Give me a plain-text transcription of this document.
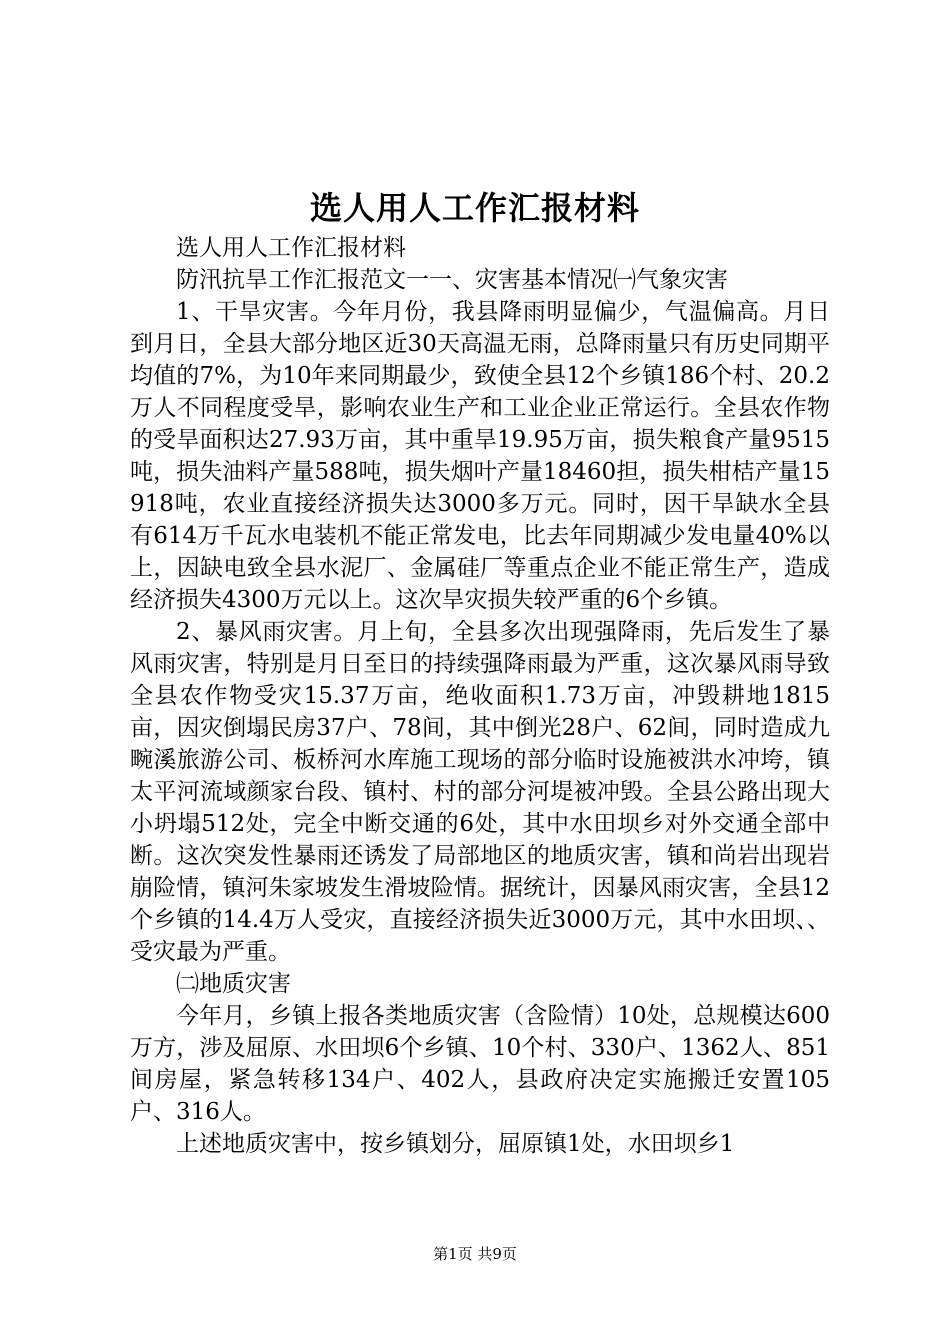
选人用人工作汇报材料

选人用人工作汇报材料

防汛抗旱工作汇报范文一一、灾害基本情况㈠气象灾害

1、干旱灾害。今年月份，我县降雨明显偏少，气温偏高。月日到月日，全县大部分地区近30天高温无雨，总降雨量只有历史同期平均值的7%，为10年来同期最少，致使全县12个乡镇186个村、20.2万人不同程度受旱，影响农业生产和工业企业正常运行。全县农作物的受旱面积达27.93万亩，其中重旱19.95万亩，损失粮食产量9515吨，损失油料产量588吨，损失烟叶产量18460担，损失柑桔产量15918吨，农业直接经济损失达3000多万元。同时，因干旱缺水全县有614万千瓦水电装机不能正常发电，比去年同期减少发电量40%以上，因缺电致全县水泥厂、金属硅厂等重点企业不能正常生产，造成经济损失4300万元以上。这次旱灾损失较严重的6个乡镇。

2、暴风雨灾害。月上旬，全县多次出现强降雨，先后发生了暴风雨灾害，特别是月日至日的持续强降雨最为严重，这次暴风雨导致全县农作物受灾15.37万亩，绝收面积1.73万亩，冲毁耕地1815亩，因灾倒塌民房37户、78间，其中倒光28户、62间，同时造成九畹溪旅游公司、板桥河水库施工现场的部分临时设施被洪水冲垮，镇太平河流域颜家台段、镇村、村的部分河堤被冲毁。全县公路出现大小坍塌512处，完全中断交通的6处，其中水田坝乡对外交通全部中断。这次突发性暴雨还诱发了局部地区的地质灾害，镇和尚岩出现岩崩险情，镇河朱家坡发生滑坡险情。据统计，因暴风雨灾害，全县12个乡镇的14.4万人受灾，直接经济损失近3000万元，其中水田坝、、受灾最为严重。

㈡地质灾害

今年月，乡镇上报各类地质灾害（含险情）10处，总规模达600万方，涉及屈原、水田坝6个乡镇、10个村、330户、1362人、851间房屋，紧急转移134户、402人，县政府决定实施搬迁安置105户、316人。

上述地质灾害中，按乡镇划分，屈原镇1处，水田坝乡1

第1页 共9页
